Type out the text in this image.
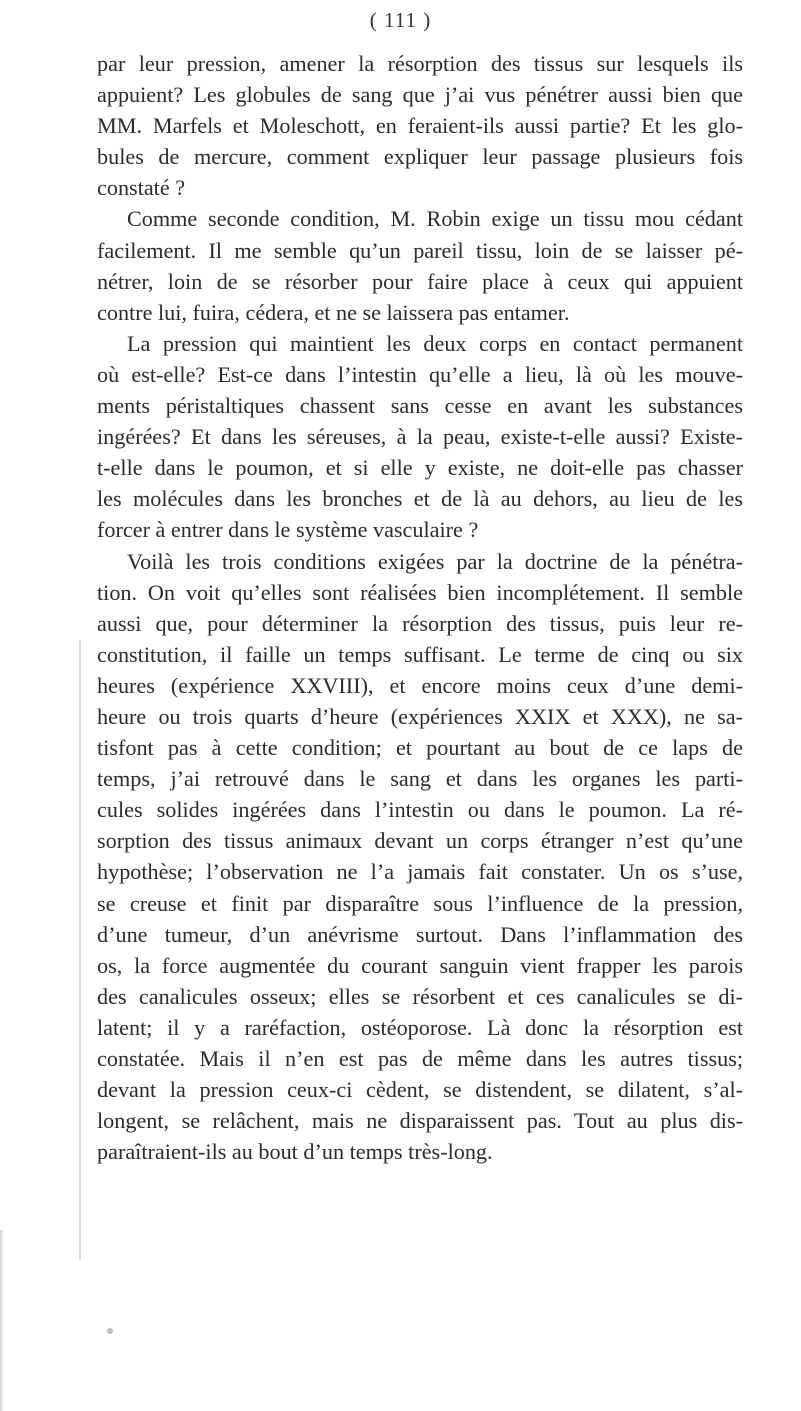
( 111 )
par leur pression, amener la résorption des tissus sur lesquels ils
appuient? Les globules de sang que j’ai vus pénétrer aussi bien que
MM. Marfels et Moleschott, en feraient-ils aussi partie? Et les glo-
bules de mercure, comment expliquer leur passage plusieurs fois
constaté ?
Comme seconde condition, M. Robin exige un tissu mou cédant
facilement. Il me semble qu’un pareil tissu, loin de se laisser pé-
nétrer, loin de se résorber pour faire place à ceux qui appuient
contre lui, fuira, cédera, et ne se laissera pas entamer.
La pression qui maintient les deux corps en contact permanent
où est-elle? Est-ce dans l’intestin qu’elle a lieu, là où les mouve-
ments péristaltiques chassent sans cesse en avant les substances
ingérées? Et dans les séreuses, à la peau, existe-t-elle aussi? Existe-
t-elle dans le poumon, et si elle y existe, ne doit-elle pas chasser
les molécules dans les bronches et de là au dehors, au lieu de les
forcer à entrer dans le système vasculaire ?
Voilà les trois conditions exigées par la doctrine de la pénétra-
tion. On voit qu’elles sont réalisées bien incomplétement. Il semble
aussi que, pour déterminer la résorption des tissus, puis leur re-
constitution, il faille un temps suffisant. Le terme de cinq ou six
heures (expérience XXVIII), et encore moins ceux d’une demi-
heure ou trois quarts d’heure (expériences XXIX et XXX), ne sa-
tisfont pas à cette condition; et pourtant au bout de ce laps de
temps, j’ai retrouvé dans le sang et dans les organes les parti-
cules solides ingérées dans l’intestin ou dans le poumon. La ré-
sorption des tissus animaux devant un corps étranger n’est qu’une
hypothèse; l’observation ne l’a jamais fait constater. Un os s’use,
se creuse et finit par disparaître sous l’influence de la pression,
d’une tumeur, d’un anévrisme surtout. Dans l’inflammation des
os, la force augmentée du courant sanguin vient frapper les parois
des canalicules osseux; elles se résorbent et ces canalicules se di-
latent; il y a raréfaction, ostéoporose. Là donc la résorption est
constatée. Mais il n’en est pas de même dans les autres tissus;
devant la pression ceux-ci cèdent, se distendent, se dilatent, s’al-
longent, se relâchent, mais ne disparaissent pas. Tout au plus dis-
paraîtraient-ils au bout d’un temps très-long.
